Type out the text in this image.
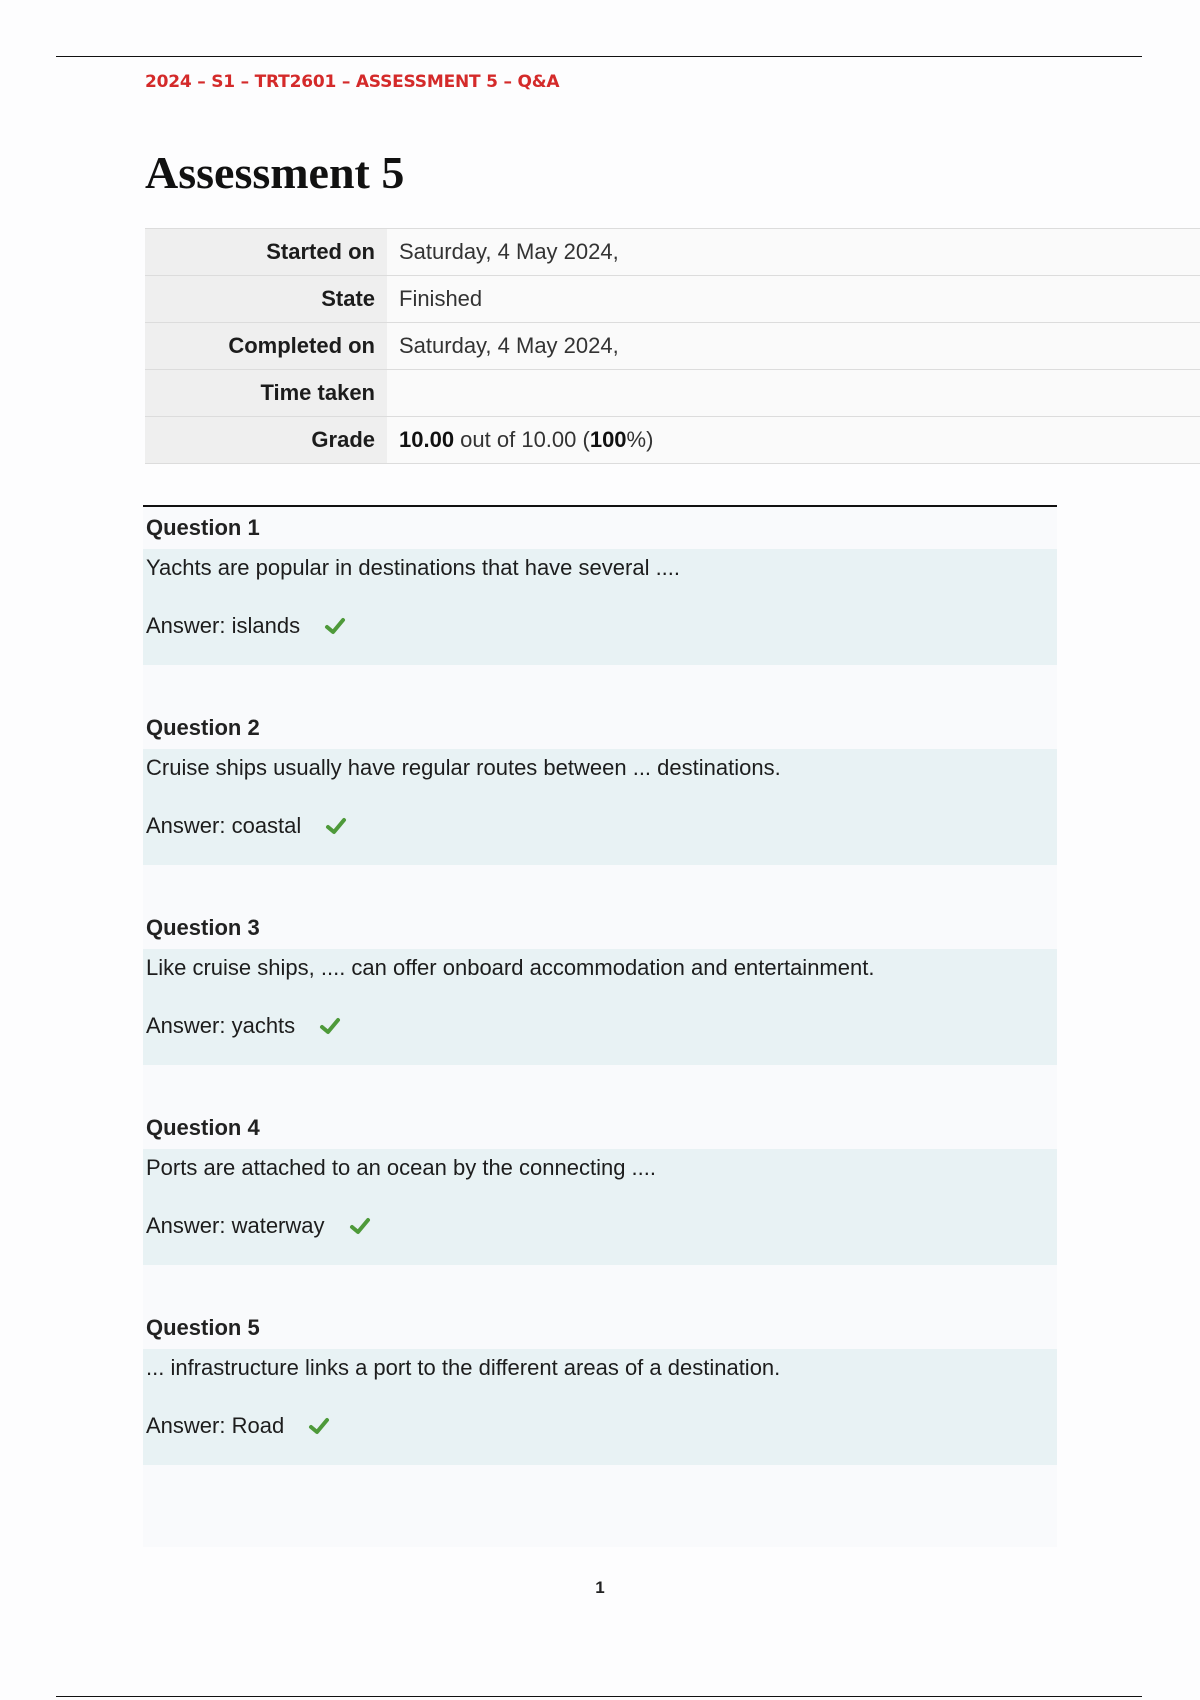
2024 – S1 – TRT2601 – ASSESSMENT 5 – Q&A
Assessment 5
Started on	Saturday, 4 May 2024,
State	Finished
Completed on	Saturday, 4 May 2024,
Time taken	
Grade	10.00 out of 10.00 (100%)
Question 1
Yachts are popular in destinations that have several ....
Answer: islands
Question 2
Cruise ships usually have regular routes between ... destinations.
Answer: coastal
Question 3
Like cruise ships, .... can offer onboard accommodation and entertainment.
Answer: yachts
Question 4
Ports are attached to an ocean by the connecting ....
Answer: waterway
Question 5
... infrastructure links a port to the different areas of a destination.
Answer: Road
1
